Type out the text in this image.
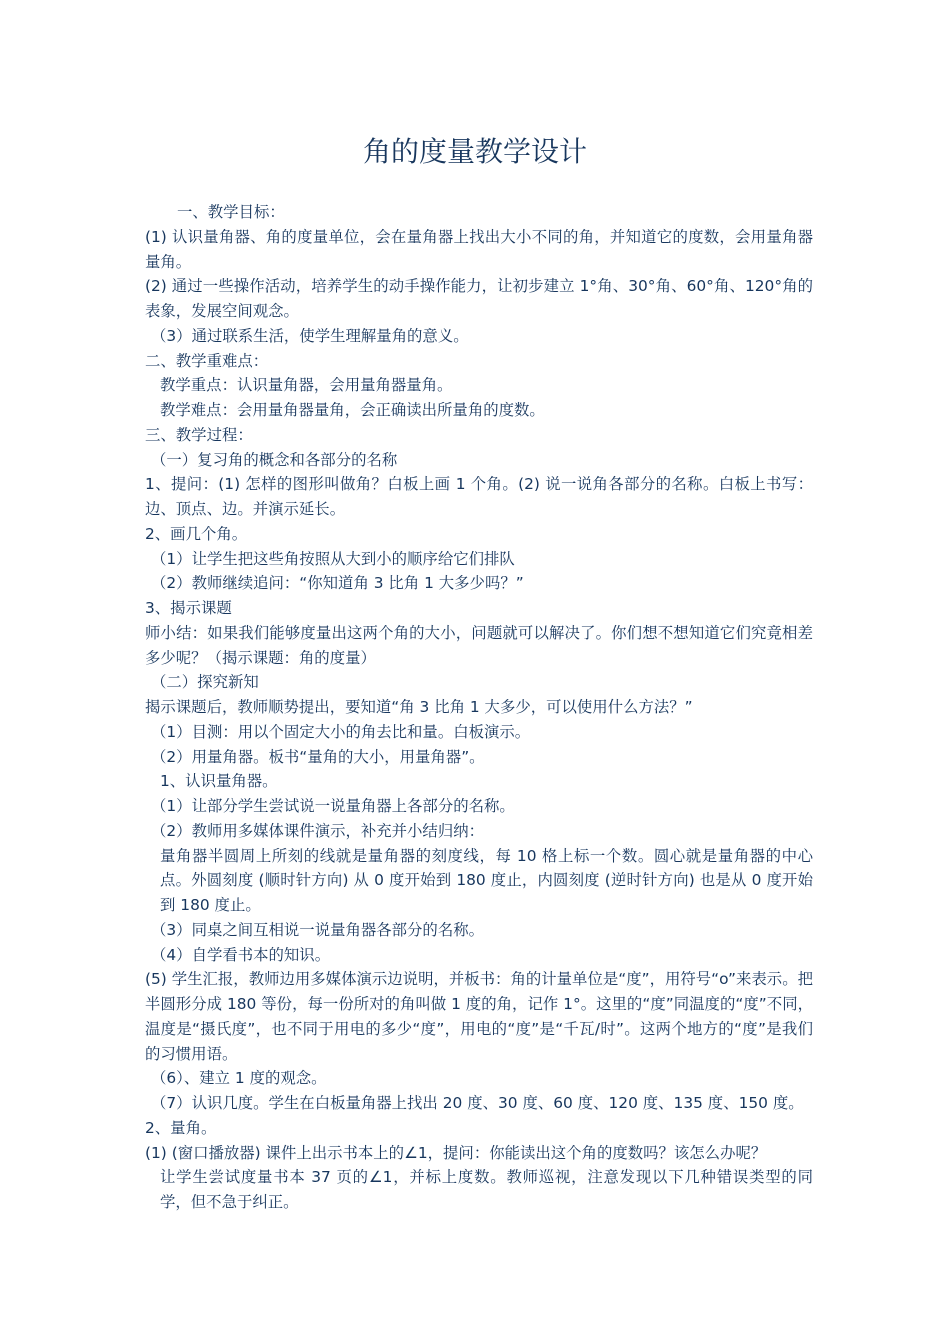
角的度量教学设计

一、教学目标：

(1) 认识量角器、角的度量单位，会在量角器上找出大小不同的角，并知道它的度数，会用量角器量角。

(2) 通过一些操作活动，培养学生的动手操作能力，让初步建立 1°角、30°角、60°角、120°角的表象，发展空间观念。

（3）通过联系生活，使学生理解量角的意义。

二、教学重难点：

教学重点：认识量角器，会用量角器量角。

教学难点：会用量角器量角，会正确读出所量角的度数。

三、教学过程：

（一）复习角的概念和各部分的名称

1、提问：(1) 怎样的图形叫做角？白板上画 1 个角。(2) 说一说角各部分的名称。白板上书写：边、顶点、边。并演示延长。

2、画几个角。

（1）让学生把这些角按照从大到小的顺序给它们排队

（2）教师继续追问：“你知道角 3 比角 1 大多少吗？”

3、揭示课题

师小结：如果我们能够度量出这两个角的大小，问题就可以解决了。你们想不想知道它们究竟相差多少呢？（揭示课题：角的度量）

（二）探究新知

揭示课题后，教师顺势提出，要知道“角 3 比角 1 大多少，可以使用什么方法？”

（1）目测：用以个固定大小的角去比和量。白板演示。

（2）用量角器。板书“量角的大小，用量角器”。

1、认识量角器。

（1）让部分学生尝试说一说量角器上各部分的名称。

（2）教师用多媒体课件演示，补充并小结归纳：

量角器半圆周上所刻的线就是量角器的刻度线，每 10 格上标一个数。圆心就是量角器的中心点。外圆刻度 (顺时针方向) 从 0 度开始到 180 度止，内圆刻度 (逆时针方向) 也是从 0 度开始到 180 度止。

（3）同桌之间互相说一说量角器各部分的名称。

（4）自学看书本的知识。

(5) 学生汇报，教师边用多媒体演示边说明，并板书：角的计量单位是“度”，用符号“o”来表示。把半圆形分成 180 等份，每一份所对的角叫做 1 度的角，记作 1°。这里的“度”同温度的“度”不同，温度是“摄氏度”，也不同于用电的多少“度”，用电的“度”是“千瓦/时”。这两个地方的“度”是我们的习惯用语。

（6）、建立 1 度的观念。

（7）认识几度。学生在白板量角器上找出 20 度、30 度、60 度、120 度、135 度、150 度。

2、量角。

(1) (窗口播放器) 课件上出示书本上的∠1，提问：你能读出这个角的度数吗？该怎么办呢？

让学生尝试度量书本 37 页的∠1，并标上度数。教师巡视，注意发现以下几种错误类型的同学，但不急于纠正。
